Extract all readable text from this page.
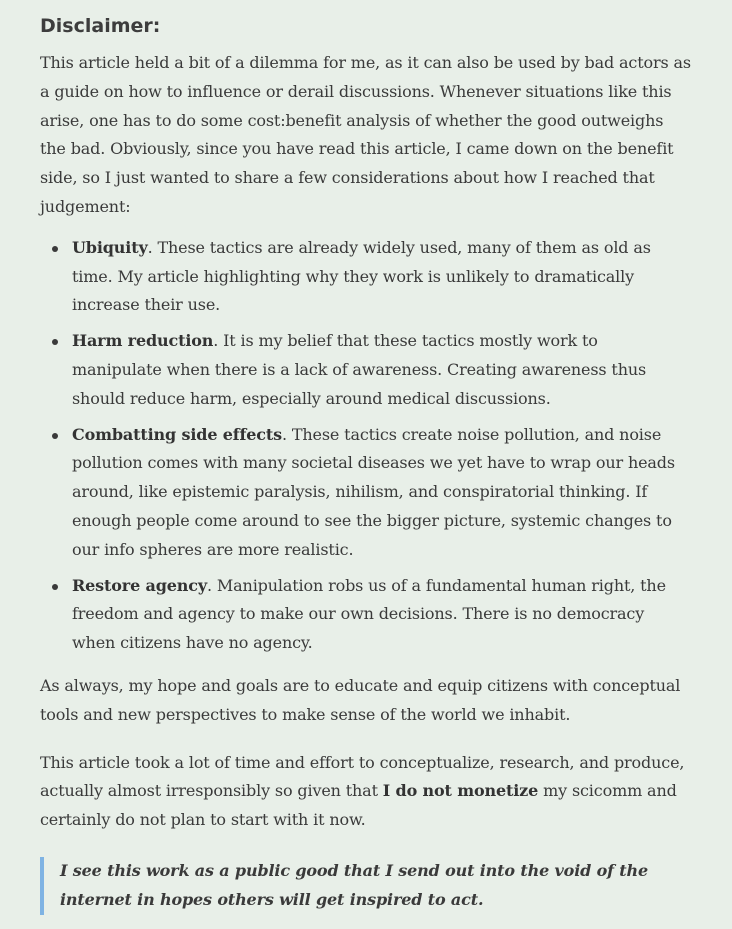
Disclaimer:

This article held a bit of a dilemma for me, as it can also be used by bad actors as a guide on how to influence or derail discussions. Whenever situations like this arise, one has to do some cost:benefit analysis of whether the good outweighs the bad. Obviously, since you have read this article, I came down on the benefit side, so I just wanted to share a few considerations about how I reached that judgement:

Ubiquity. These tactics are already widely used, many of them as old as time. My article highlighting why they work is unlikely to dramatically increase their use.
Harm reduction. It is my belief that these tactics mostly work to manipulate when there is a lack of awareness. Creating awareness thus should reduce harm, especially around medical discussions.
Combatting side effects. These tactics create noise pollution, and noise pollution comes with many societal diseases we yet have to wrap our heads around, like epistemic paralysis, nihilism, and conspiratorial thinking. If enough people come around to see the bigger picture, systemic changes to our info spheres are more realistic.
Restore agency. Manipulation robs us of a fundamental human right, the freedom and agency to make our own decisions. There is no democracy when citizens have no agency.

As always, my hope and goals are to educate and equip citizens with conceptual tools and new perspectives to make sense of the world we inhabit.

This article took a lot of time and effort to conceptualize, research, and produce, actually almost irresponsibly so given that I do not monetize my scicomm and certainly do not plan to start with it now.

I see this work as a public good that I send out into the void of the internet in hopes others will get inspired to act.
